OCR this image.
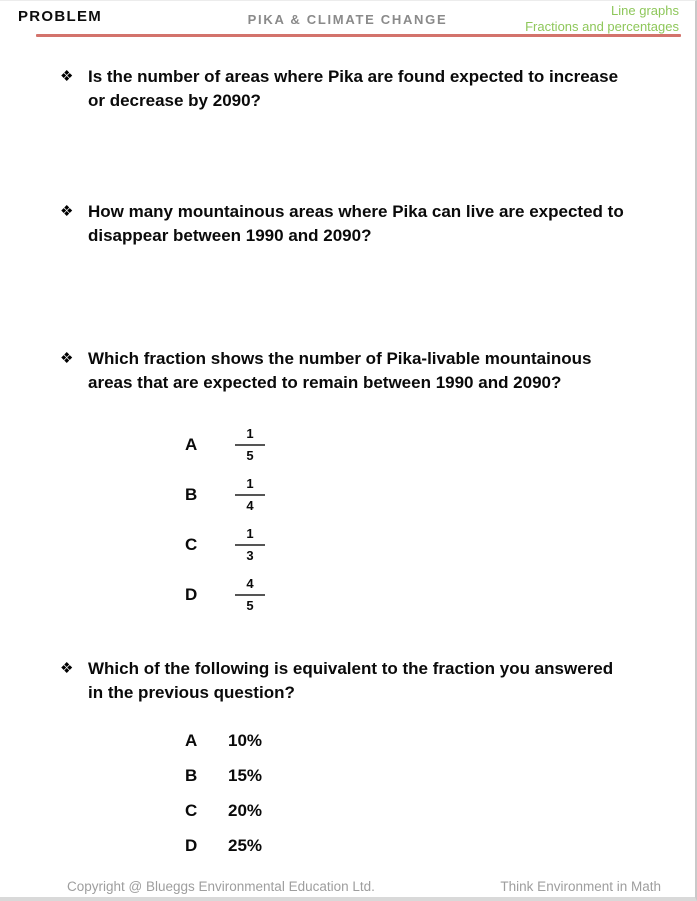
PROBLEM	PIKA & CLIMATE CHANGE
Line graphs
Fractions and percentages
❖ Is the number of areas where Pika are found expected to increase
or decrease by 2090?
❖ How many mountainous areas where Pika can live are expected to
disappear between 1990 and 2090?
❖ Which fraction shows the number of Pika-livable mountainous
areas that are expected to remain between 1990 and 2090?
A	$\frac{1}{5}$
B	$\frac{1}{4}$
C	$\frac{1}{3}$
D	$\frac{4}{5}$
❖ Which of the following is equivalent to the fraction you answered
in the previous question?
A	10%
B	15%
C	20%
D	25%
Copyright @ Blueggs Environmental Education Ltd.	Think Environment in Math
